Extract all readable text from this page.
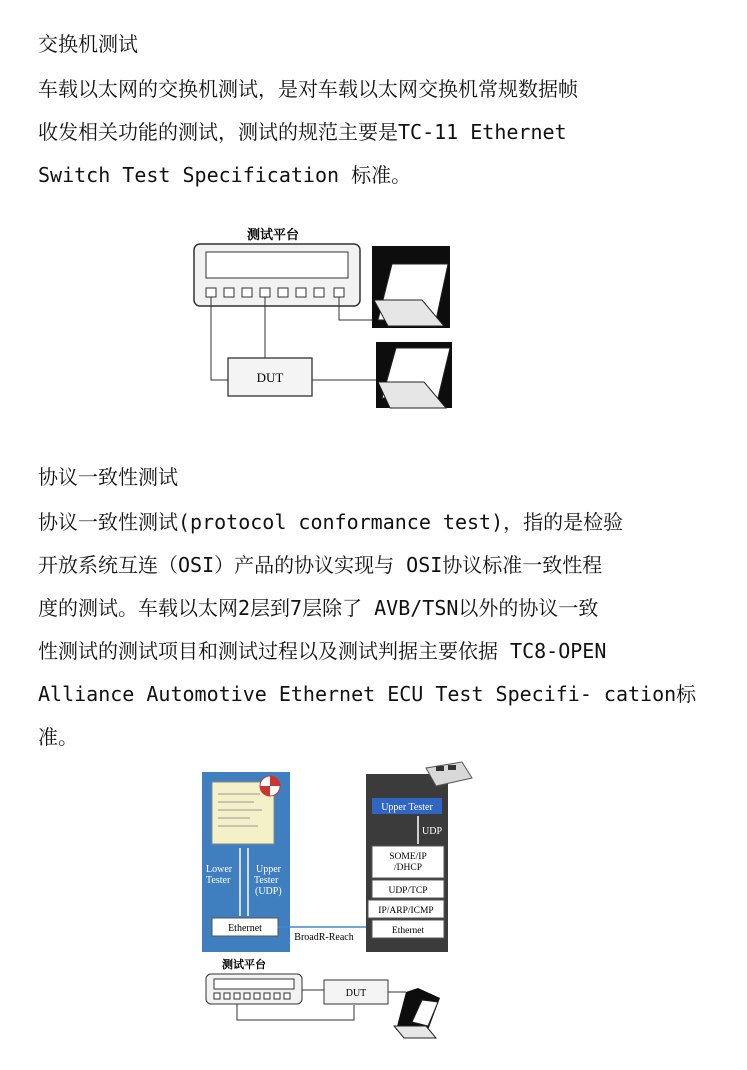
交换机测试
车载以太网的交换机测试，是对车载以太网交换机常规数据帧
收发相关功能的测试，测试的规范主要是TC-11 Ethernet
Switch Test Specification 标准。
测试平台
DUT
协议一致性测试
协议一致性测试(protocol conformance test)，指的是检验
开放系统互连（OSI）产品的协议实现与 OSI协议标准一致性程
度的测试。车载以太网2层到7层除了 AVB/TSN以外的协议一致
性测试的测试项目和测试过程以及测试判据主要依据 TC8-OPEN
Alliance Automotive Ethernet ECU Test Specifi- cation标
准。
Lower Tester
Upper Tester (UDP)
Ethernet
BroadR-Reach
Upper Tester
UDP
SOME/IP /DHCP
UDP/TCP
IP/ARP/ICMP
Ethernet
测试平台
DUT
